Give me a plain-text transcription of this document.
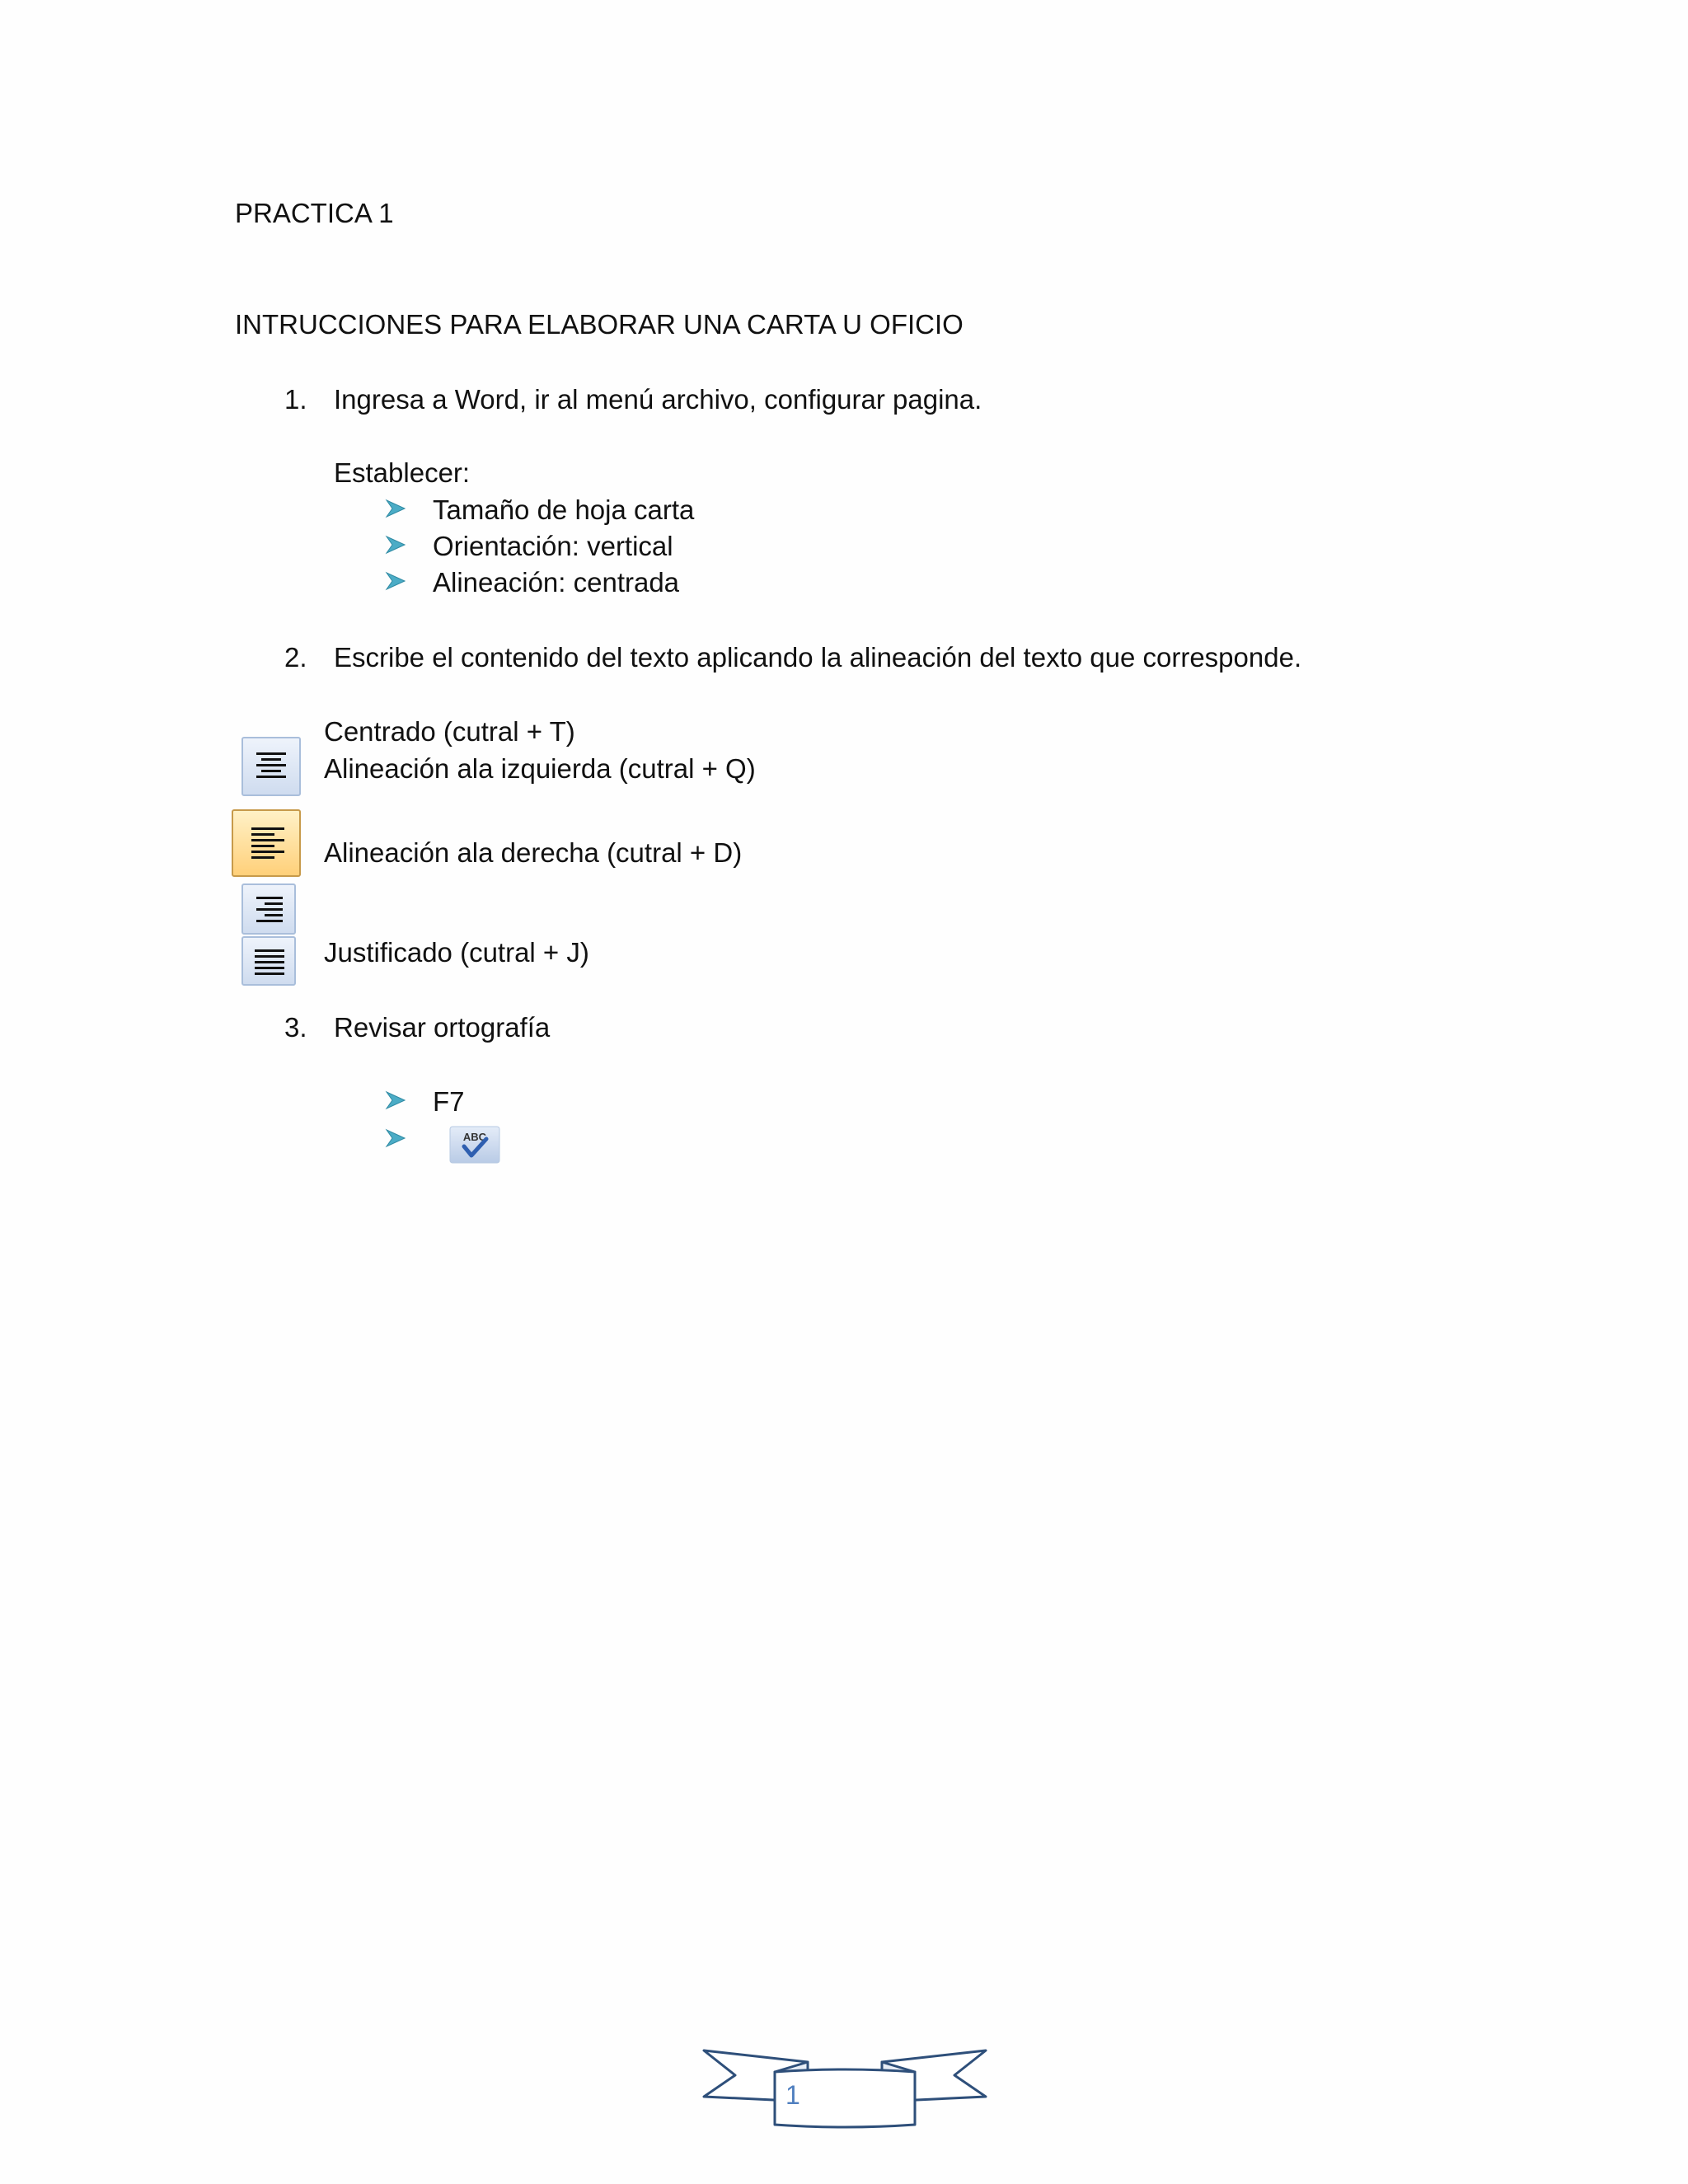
PRACTICA 1
INTRUCCIONES PARA ELABORAR UNA CARTA U OFICIO
1. Ingresa a Word, ir al menú archivo, configurar pagina.
Establecer:
Tamaño de hoja carta
Orientación: vertical
Alineación: centrada
2. Escribe el contenido del texto aplicando la alineación del texto que corresponde.
Centrado (cutral + T)
Alineación ala izquierda (cutral + Q)
Alineación ala derecha (cutral + D)
Justificado (cutral + J)
3. Revisar ortografía
F7
ABC
1
